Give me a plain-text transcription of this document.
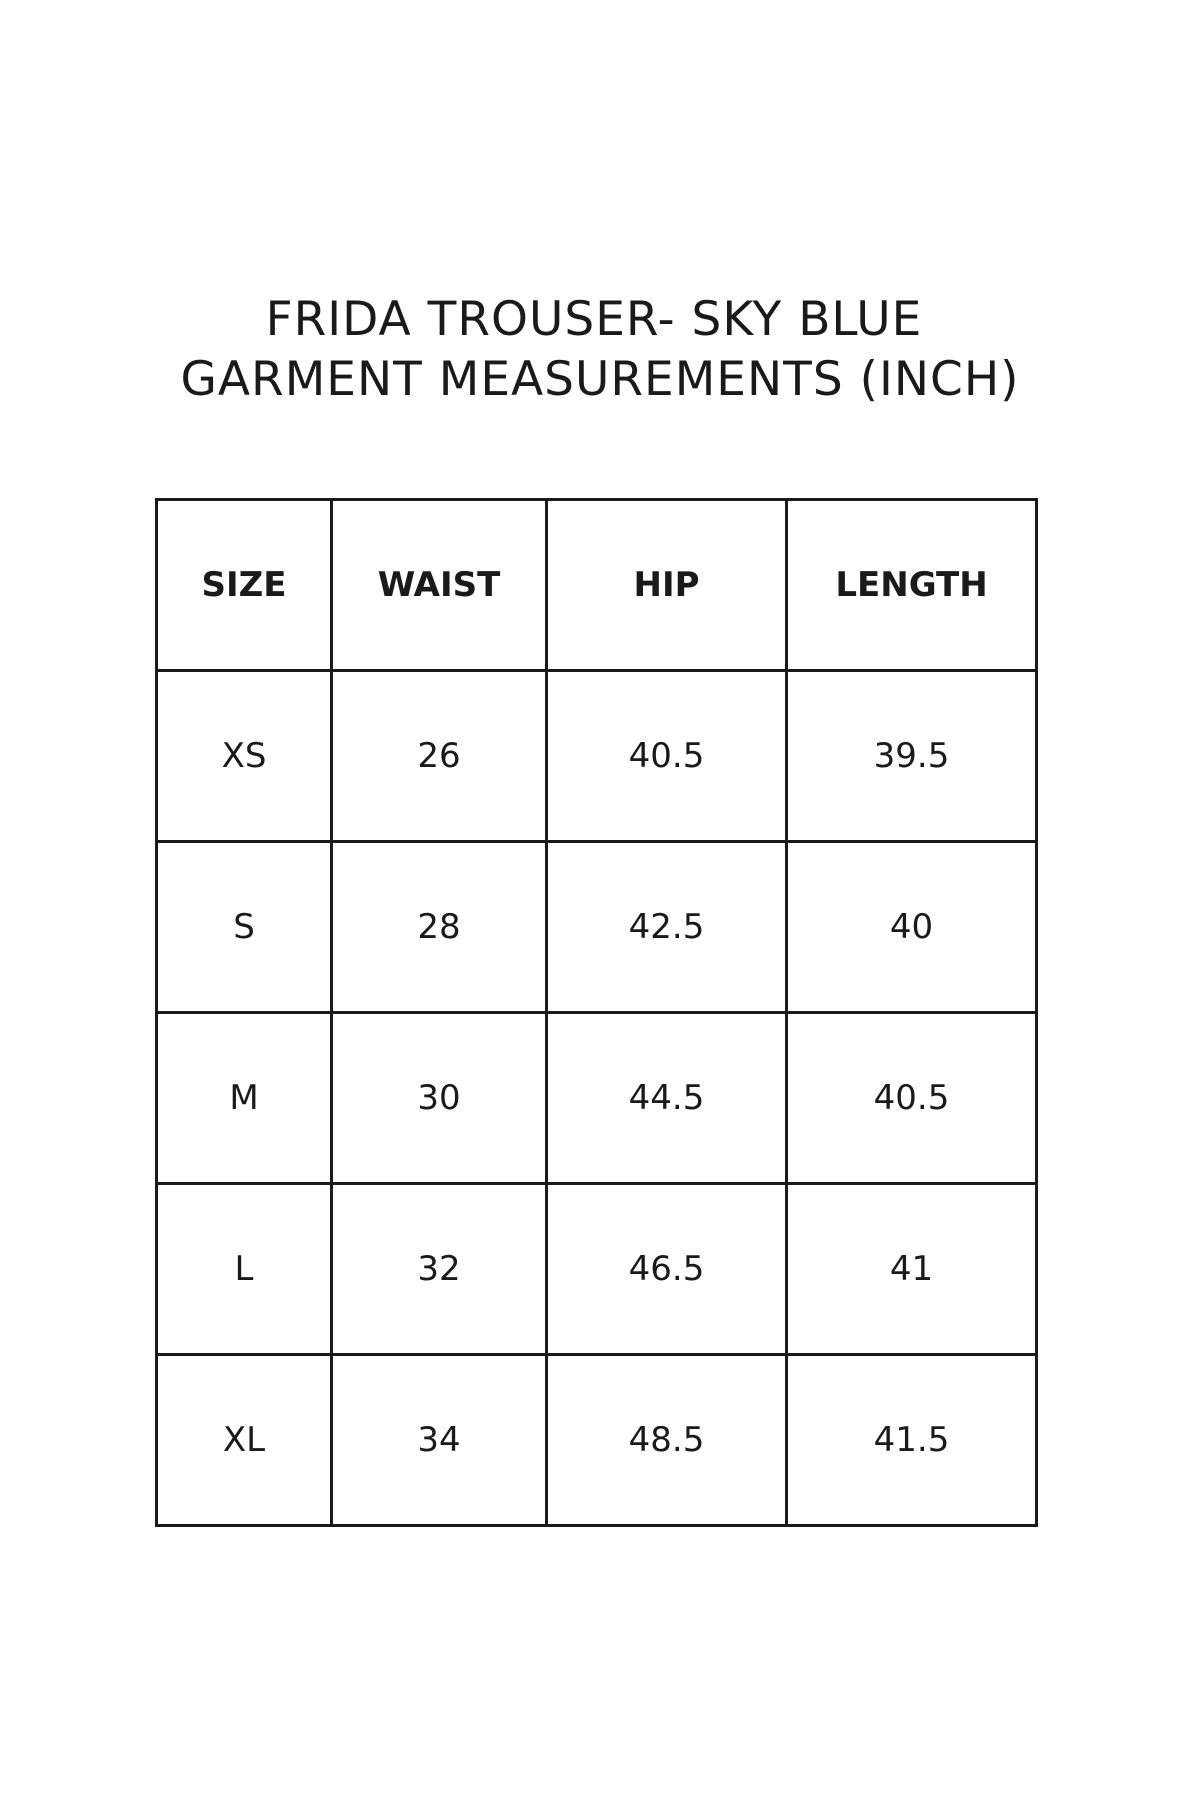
FRIDA TROUSER- SKY BLUE
GARMENT MEASUREMENTS (INCH)
SIZE	WAIST	HIP	LENGTH
XS	26	40.5	39.5
S	28	42.5	40
M	30	44.5	40.5
L	32	46.5	41
XL	34	48.5	41.5
